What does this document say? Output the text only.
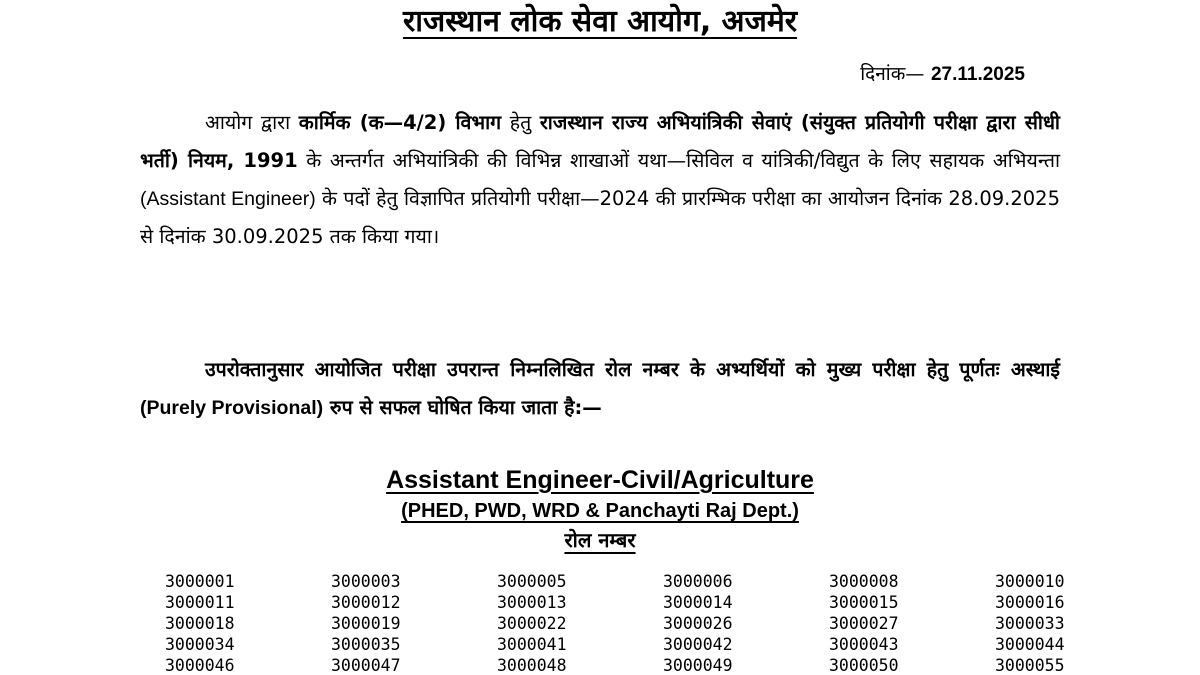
राजस्थान लोक सेवा आयोग, अजमेर
दिनांक— 27.11.2025
आयोग द्वारा कार्मिक (क—4/2) विभाग हेतु राजस्थान राज्य अभियांत्रिकी सेवाएं (संयुक्त प्रतियोगी परीक्षा द्वारा सीधी भर्ती) नियम, 1991 के अन्तर्गत अभियांत्रिकी की विभिन्न शाखाओं यथा—सिविल व यांत्रिकी/विद्युत के लिए सहायक अभियन्ता (Assistant Engineer) के पदों हेतु विज्ञापित प्रतियोगी परीक्षा—2024 की प्रारम्भिक परीक्षा का आयोजन दिनांक 28.09.2025 से दिनांक 30.09.2025 तक किया गया।
उपरोक्तानुसार आयोजित परीक्षा उपरान्त निम्नलिखित रोल नम्बर के अभ्यर्थियों को मुख्य परीक्षा हेतु पूर्णतः अस्थाई (Purely Provisional) रुप से सफल घोषित किया जाता है:—
Assistant Engineer-Civil/Agriculture
(PHED, PWD, WRD & Panchayti Raj Dept.)
रोल नम्बर
3000001	3000003	3000005	3000006	3000008	3000010
3000011	3000012	3000013	3000014	3000015	3000016
3000018	3000019	3000022	3000026	3000027	3000033
3000034	3000035	3000041	3000042	3000043	3000044
3000046	3000047	3000048	3000049	3000050	3000055
